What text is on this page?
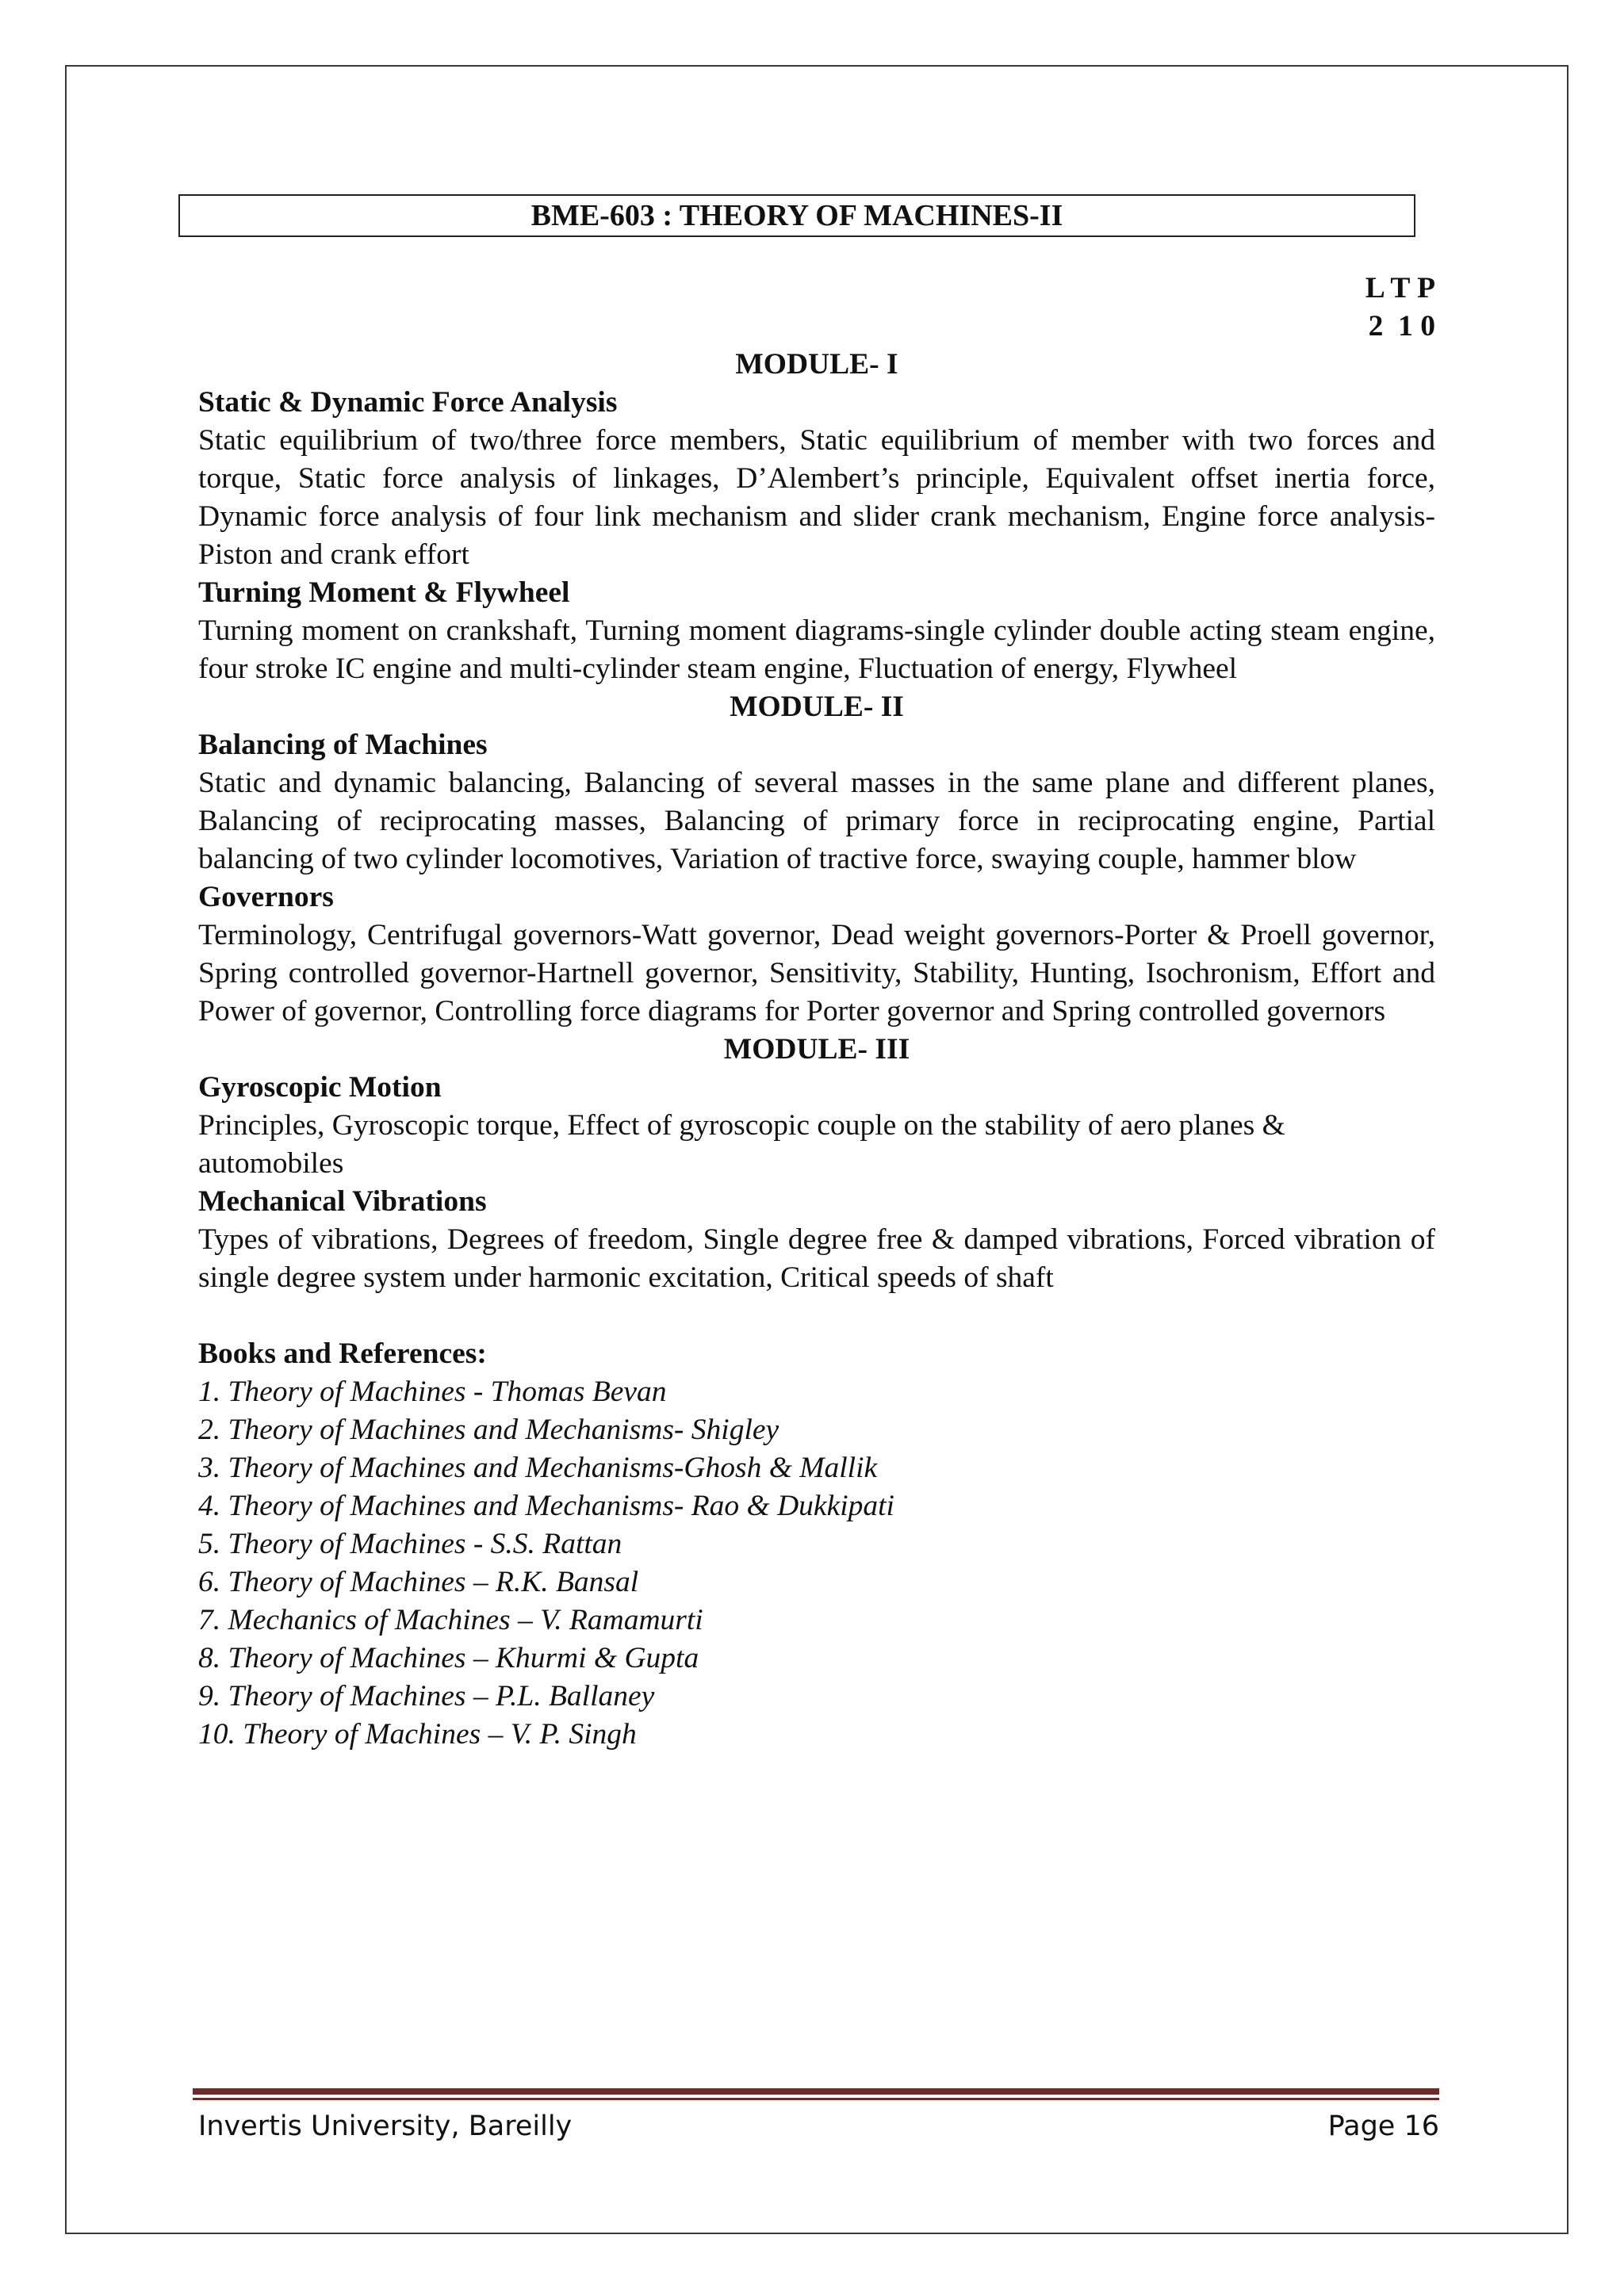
BME-603 : THEORY OF MACHINES-II
L T P
2  1 0
MODULE- I
Static & Dynamic Force Analysis
Static equilibrium of two/three force members, Static equilibrium of member with two forces and torque, Static force analysis of linkages, D’Alembert’s principle, Equivalent offset inertia force, Dynamic force analysis of four link mechanism and slider crank mechanism, Engine force analysis-Piston and crank effort
Turning Moment & Flywheel
Turning moment on crankshaft, Turning moment diagrams-single cylinder double acting steam engine, four stroke IC engine and multi-cylinder steam engine, Fluctuation of energy, Flywheel
MODULE- II
Balancing of Machines
Static and dynamic balancing, Balancing of several masses in the same plane and different planes, Balancing of reciprocating masses, Balancing of primary force in reciprocating engine, Partial balancing of two cylinder locomotives, Variation of tractive force, swaying couple, hammer blow
Governors
Terminology, Centrifugal governors-Watt governor, Dead weight governors-Porter & Proell governor, Spring controlled governor-Hartnell governor, Sensitivity, Stability, Hunting, Isochronism, Effort and Power of governor, Controlling force diagrams for Porter governor and Spring controlled governors
MODULE- III
Gyroscopic Motion
Principles, Gyroscopic torque, Effect of gyroscopic couple on the stability of aero planes & automobiles
Mechanical Vibrations
Types of vibrations, Degrees of freedom, Single degree free & damped vibrations, Forced vibration of single degree system under harmonic excitation, Critical speeds of shaft
Books and References:
1. Theory of Machines - Thomas Bevan
2. Theory of Machines and Mechanisms- Shigley
3. Theory of Machines and Mechanisms-Ghosh & Mallik
4. Theory of Machines and Mechanisms- Rao & Dukkipati
5. Theory of Machines - S.S. Rattan
6. Theory of Machines – R.K. Bansal
7. Mechanics of Machines – V. Ramamurti
8. Theory of Machines – Khurmi & Gupta
9. Theory of Machines – P.L. Ballaney
10. Theory of Machines – V. P. Singh
Invertis University, Bareilly	Page 16
